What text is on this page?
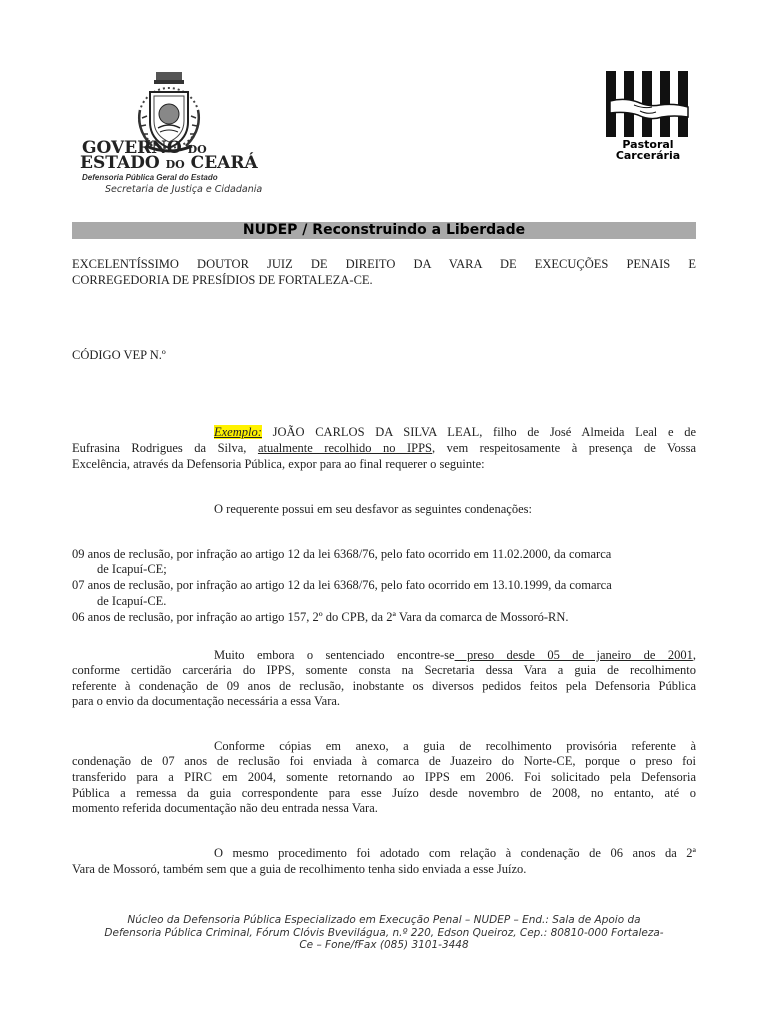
GOVERNO DO
ESTADO DO CEARÁ
Defensoria Pública Geral do Estado
Secretaria de Justiça e Cidadania
Pastoral
Carcerária
NUDEP / Reconstruindo a Liberdade
EXCELENTÍSSIMO DOUTOR JUIZ DE DIREITO DA VARA DE EXECUÇÕES PENAIS E
CORREGEDORIA DE PRESÍDIOS DE FORTALEZA-CE.
CÓDIGO VEP N.º
Exemplo: JOÃO CARLOS DA SILVA LEAL, filho de José Almeida Leal e de
Eufrasina Rodrigues da Silva, atualmente recolhido no IPPS, vem respeitosamente à presença de Vossa
Excelência, através da Defensoria Pública, expor para ao final requerer o seguinte:
O requerente possui em seu desfavor as seguintes condenações:
09 anos de reclusão, por infração ao artigo 12 da lei 6368/76, pelo fato ocorrido em 11.02.2000, da comarca
de Icapuí-CE;
07 anos de reclusão, por infração ao artigo 12 da lei 6368/76, pelo fato ocorrido em 13.10.1999, da comarca
de Icapuí-CE.
06 anos de reclusão, por infração ao artigo 157, 2º do CPB, da 2ª Vara da comarca de Mossoró-RN.
Muito embora o sentenciado encontre-se preso desde 05 de janeiro de 2001,
conforme certidão carcerária do IPPS, somente consta na Secretaria dessa Vara a guia de recolhimento
referente à condenação de 09 anos de reclusão, inobstante os diversos pedidos feitos pela Defensoria Pública
para o envio da documentação necessária a essa Vara.
Conforme cópias em anexo, a guia de recolhimento provisória referente à
condenação de 07 anos de reclusão foi enviada à comarca de Juazeiro do Norte-CE, porque o preso foi
transferido para a PIRC em 2004, somente retornando ao IPPS em 2006. Foi solicitado pela Defensoria
Pública a remessa da guia correspondente para esse Juízo desde novembro de 2008, no entanto, até o
momento referida documentação não deu entrada nessa Vara.
O mesmo procedimento foi adotado com relação à condenação de 06 anos da 2ª
Vara de Mossoró, também sem que a guia de recolhimento tenha sido enviada a esse Juízo.
Núcleo da Defensoria Pública Especializado em Execução Penal – NUDEP – End.: Sala de Apoio da
Defensoria Pública Criminal, Fórum Clóvis Bvevilágua, n.º 220, Edson Queiroz, Cep.: 80810-000 Fortaleza-
Ce – Fone/fFax (085) 3101-3448
